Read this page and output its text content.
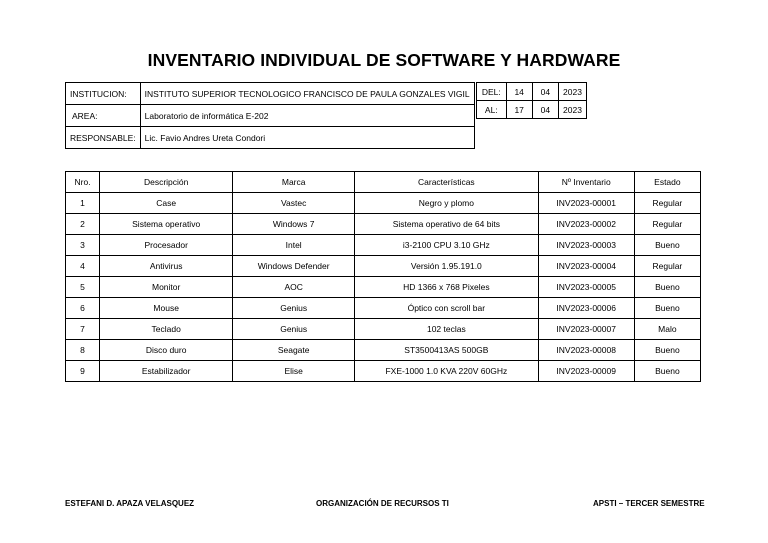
INVENTARIO INDIVIDUAL DE SOFTWARE Y HARDWARE
INSTITUCION:	INSTITUTO SUPERIOR TECNOLOGICO FRANCISCO DE PAULA GONZALES VIGIL
AREA:	Laboratorio de informática E-202
RESPONSABLE:	Lic. Favio Andres Ureta Condori
DEL:	14	04	2023
AL:	17	04	2023
Nro.	Descripción	Marca	Características	Nº Inventario	Estado
1	Case	Vastec	Negro y plomo	INV2023-00001	Regular
2	Sistema operativo	Windows 7	Sistema operativo de 64 bits	INV2023-00002	Regular
3	Procesador	Intel	i3-2100 CPU 3.10 GHz	INV2023-00003	Bueno
4	Antivirus	Windows Defender	Versión 1.95.191.0	INV2023-00004	Regular
5	Monitor	AOC	HD 1366 x 768 Pixeles	INV2023-00005	Bueno
6	Mouse	Genius	Óptico con scroll bar	INV2023-00006	Bueno
7	Teclado	Genius	102 teclas	INV2023-00007	Malo
8	Disco duro	Seagate	ST3500413AS 500GB	INV2023-00008	Bueno
9	Estabilizador	Elise	FXE-1000 1.0 KVA 220V 60GHz	INV2023-00009	Bueno
ESTEFANI D. APAZA VELASQUEZ	ORGANIZACIÓN DE RECURSOS TI	APSTI – TERCER SEMESTRE
